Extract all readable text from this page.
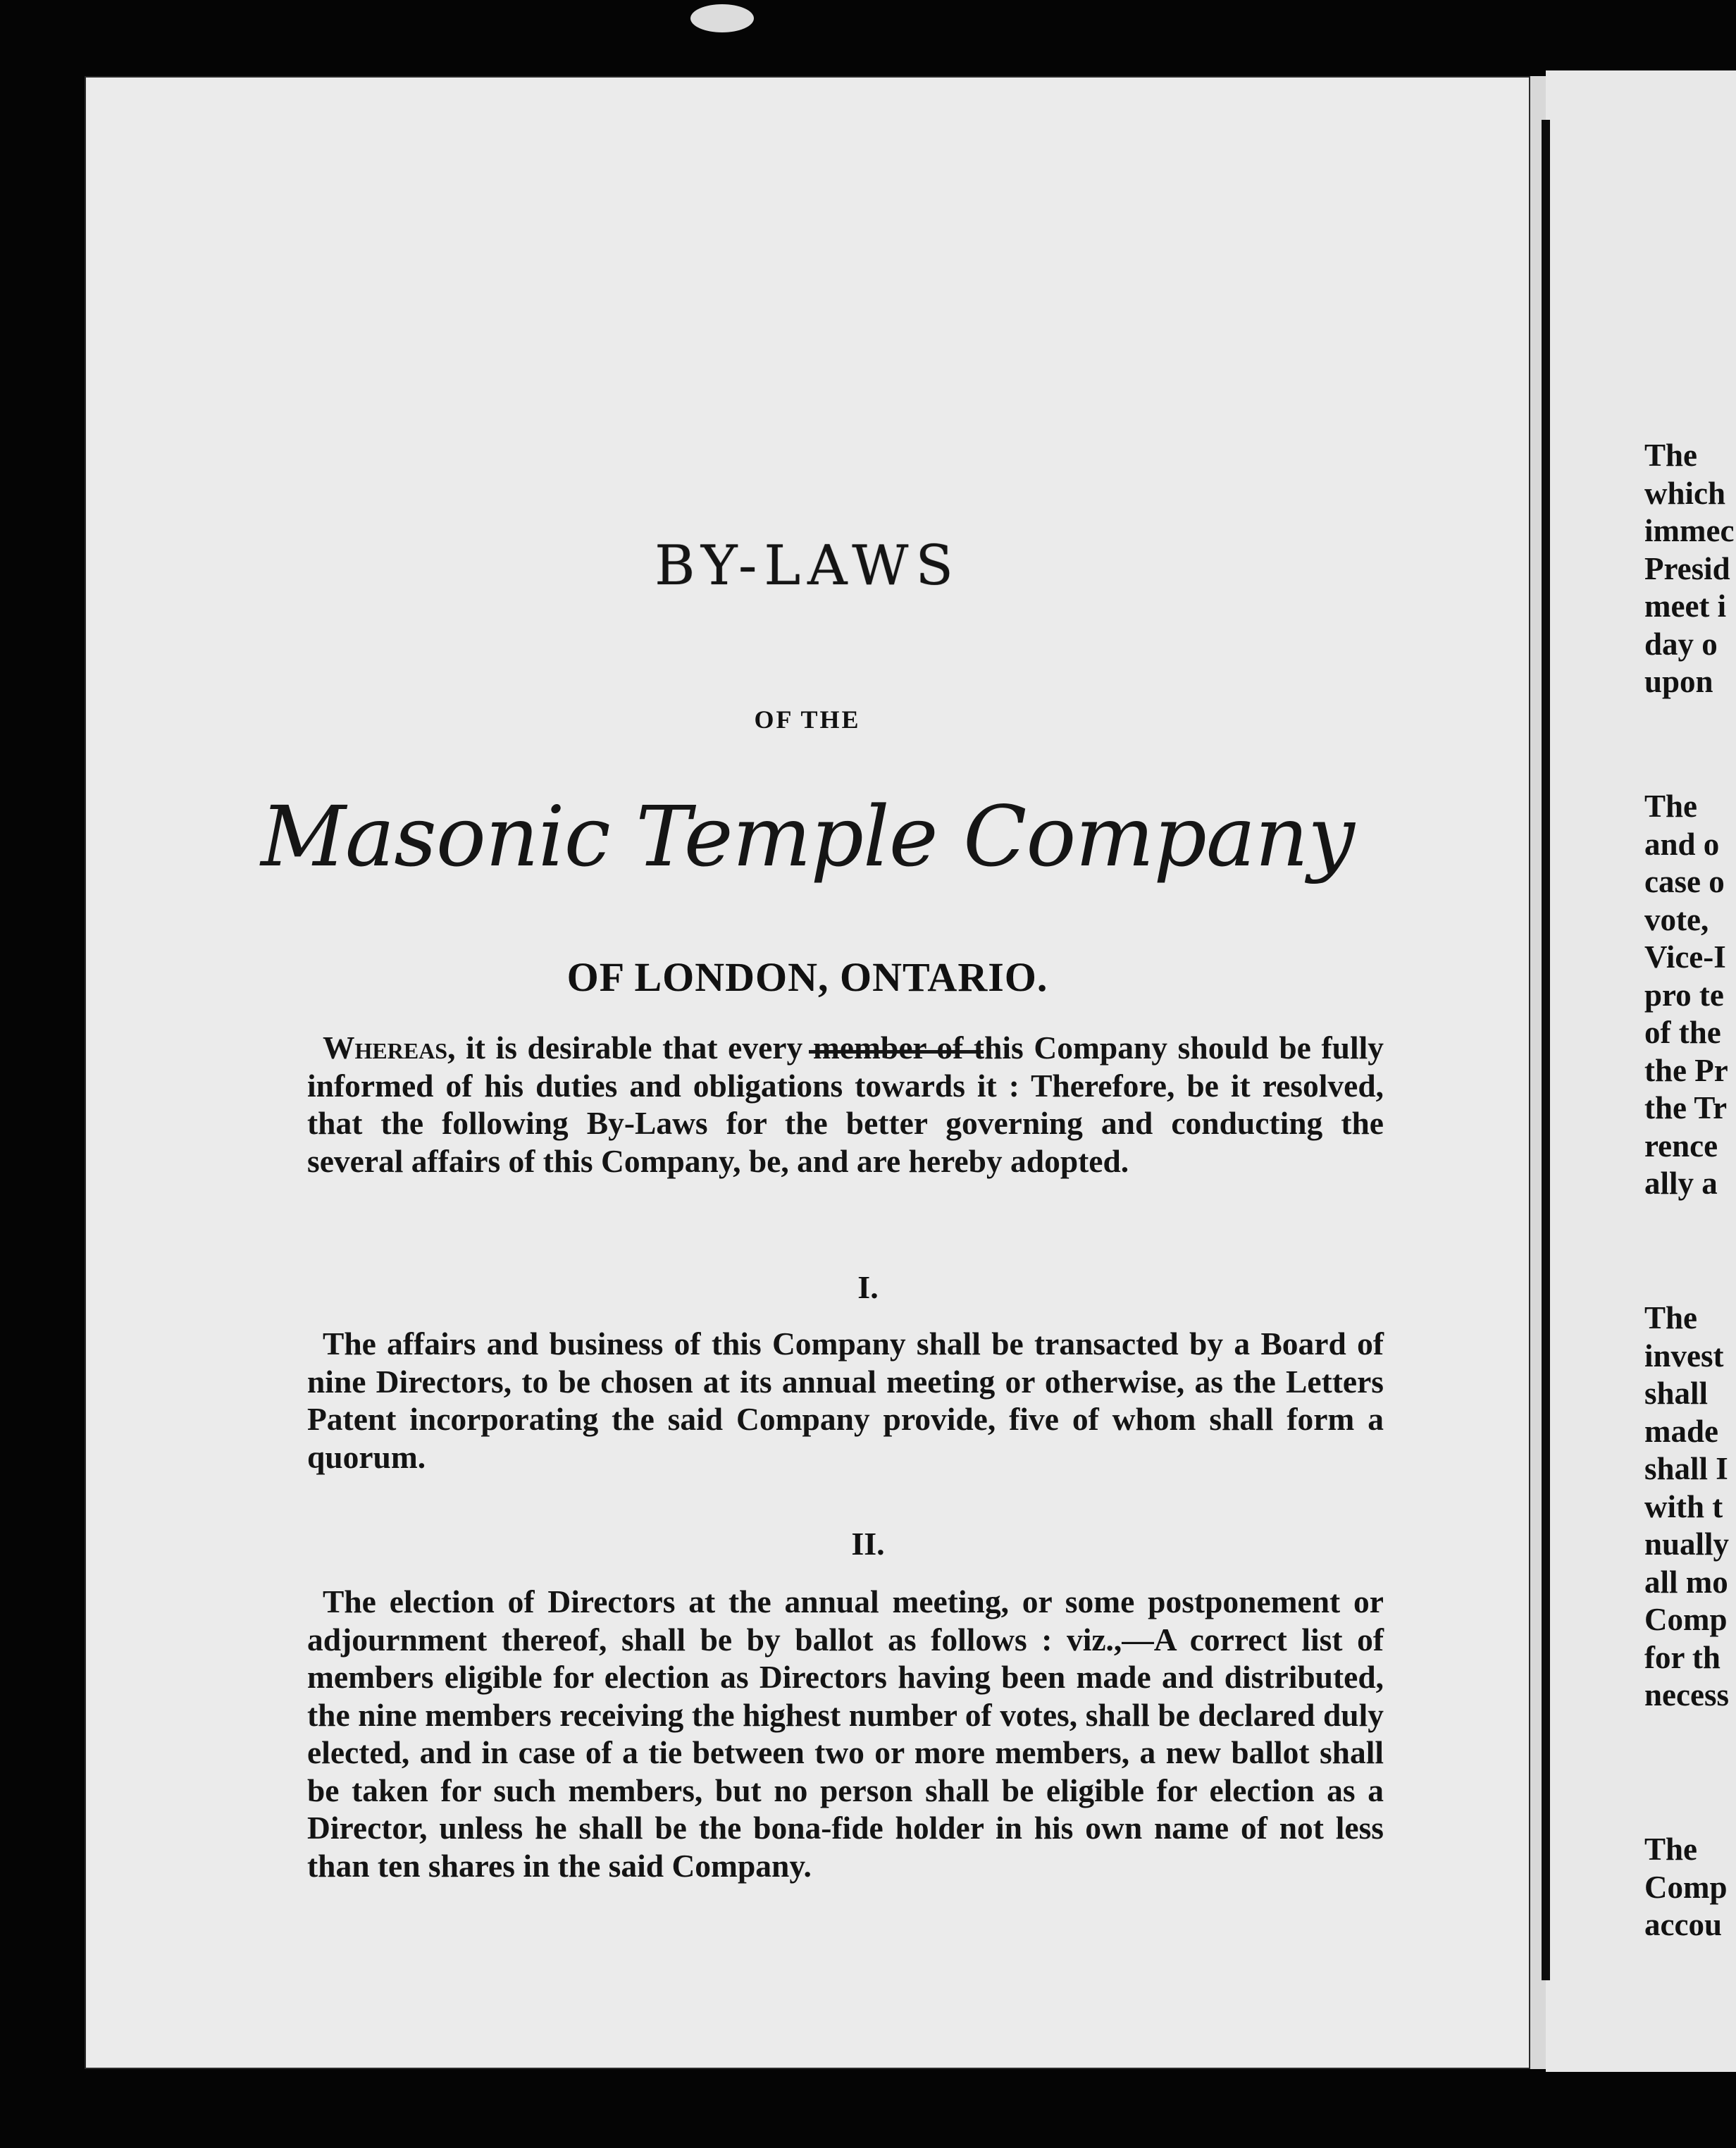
BY-LAWS
OF THE
Masonic Temple Company
OF LONDON, ONTARIO.

Whereas, it is desirable that every member of this Company should be fully informed of his duties and obligations towards it : Therefore, be it resolved, that the following By-Laws for the better governing and conducting the several affairs of this Company, be, and are hereby adopted.

I.

The affairs and business of this Company shall be transacted by a Board of nine Directors, to be chosen at its annual meeting or otherwise, as the Letters Patent incorporating the said Company provide, five of whom shall form a quorum.

II.

The election of Directors at the annual meeting, or some postponement or adjournment thereof, shall be by ballot as follows : viz.,—A correct list of members eligible for election as Directors having been made and distributed, the nine members receiving the highest number of votes, shall be declared duly elected, and in case of a tie between two or more members, a new ballot shall be taken for such members, but no person shall be eligible for election as a Director, unless he shall be the bona-fide holder in his own name of not less than ten shares in the said Company.

The
which
immec
Presid
meet i
day o
upon
The
and o
case o
vote,
Vice-I
pro te
of the
the Pr
the Tr
rence
ally a
The
invest
shall
made
shall I
with t
nually
all mo
Comp
for th
necess
The
Comp
accou
